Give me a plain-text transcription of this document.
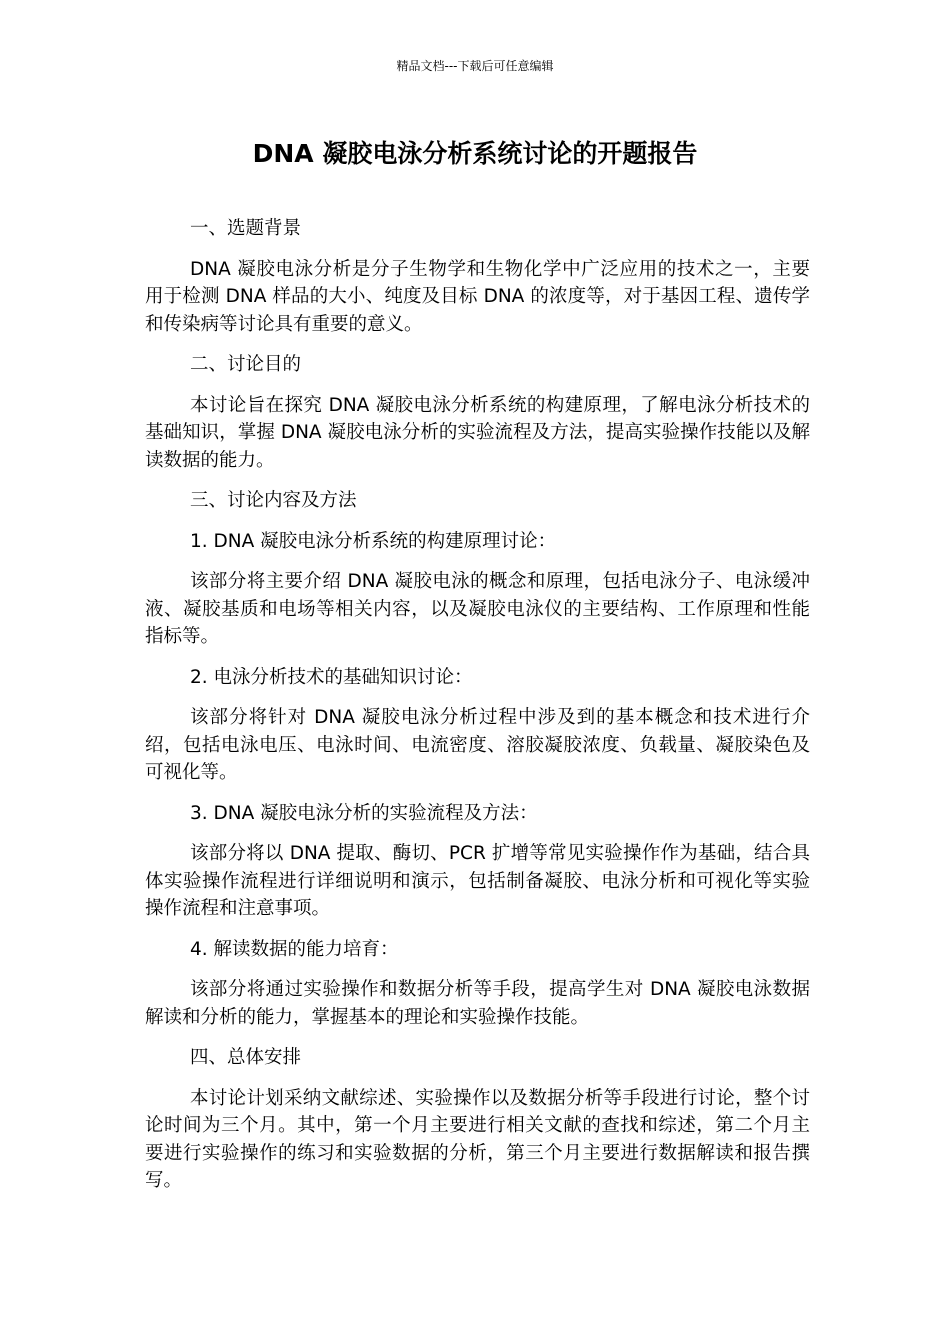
精品文档---下载后可任意编辑
DNA 凝胶电泳分析系统讨论的开题报告

一、选题背景

DNA 凝胶电泳分析是分子生物学和生物化学中广泛应用的技术之一，主要用于检测 DNA 样品的大小、纯度及目标 DNA 的浓度等，对于基因工程、遗传学和传染病等讨论具有重要的意义。

二、讨论目的

本讨论旨在探究 DNA 凝胶电泳分析系统的构建原理，了解电泳分析技术的基础知识，掌握 DNA 凝胶电泳分析的实验流程及方法，提高实验操作技能以及解读数据的能力。

三、讨论内容及方法

1. DNA 凝胶电泳分析系统的构建原理讨论：

该部分将主要介绍 DNA 凝胶电泳的概念和原理，包括电泳分子、电泳缓冲液、凝胶基质和电场等相关内容，以及凝胶电泳仪的主要结构、工作原理和性能指标等。

2. 电泳分析技术的基础知识讨论：

该部分将针对 DNA 凝胶电泳分析过程中涉及到的基本概念和技术进行介绍，包括电泳电压、电泳时间、电流密度、溶胶凝胶浓度、负载量、凝胶染色及可视化等。

3. DNA 凝胶电泳分析的实验流程及方法：

该部分将以 DNA 提取、酶切、PCR 扩增等常见实验操作作为基础，结合具体实验操作流程进行详细说明和演示，包括制备凝胶、电泳分析和可视化等实验操作流程和注意事项。

4. 解读数据的能力培育：

该部分将通过实验操作和数据分析等手段，提高学生对 DNA 凝胶电泳数据解读和分析的能力，掌握基本的理论和实验操作技能。

四、总体安排

本讨论计划采纳文献综述、实验操作以及数据分析等手段进行讨论，整个讨论时间为三个月。其中，第一个月主要进行相关文献的查找和综述，第二个月主要进行实验操作的练习和实验数据的分析，第三个月主要进行数据解读和报告撰写。
